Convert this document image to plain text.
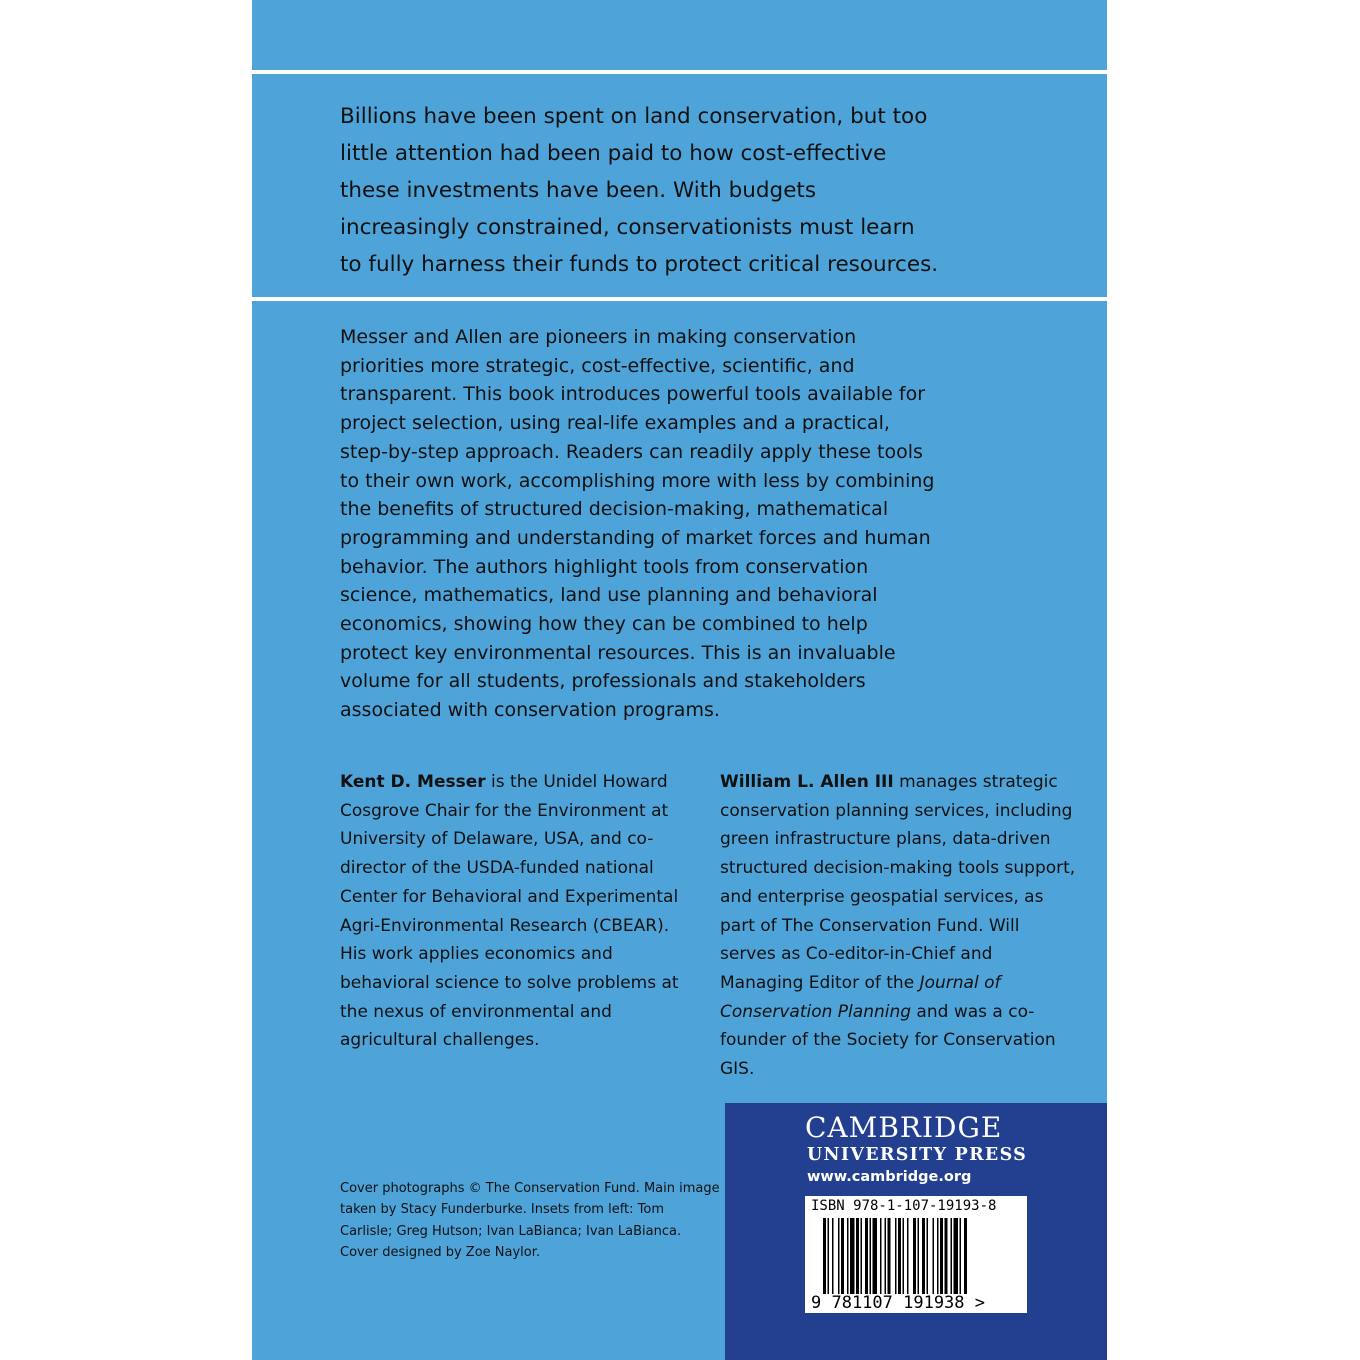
Billions have been spent on land conservation, but too little attention had been paid to how cost-effective these investments have been. With budgets increasingly constrained, conservationists must learn to fully harness their funds to protect critical resources.
Messer and Allen are pioneers in making conservation priorities more strategic, cost-effective, scientific, and transparent. This book introduces powerful tools available for project selection, using real-life examples and a practical, step-by-step approach. Readers can readily apply these tools to their own work, accomplishing more with less by combining the benefits of structured decision-making, mathematical programming and understanding of market forces and human behavior. The authors highlight tools from conservation science, mathematics, land use planning and behavioral economics, showing how they can be combined to help protect key environmental resources. This is an invaluable volume for all students, professionals and stakeholders associated with conservation programs.
Kent D. Messer is the Unidel Howard Cosgrove Chair for the Environment at University of Delaware, USA, and co-director of the USDA-funded national Center for Behavioral and Experimental Agri-Environmental Research (CBEAR). His work applies economics and behavioral science to solve problems at the nexus of environmental and agricultural challenges.
William L. Allen III manages strategic conservation planning services, including green infrastructure plans, data-driven structured decision-making tools support, and enterprise geospatial services, as part of The Conservation Fund. Will serves as Co-editor-in-Chief and Managing Editor of the Journal of Conservation Planning and was a co-founder of the Society for Conservation GIS.
Cover photographs © The Conservation Fund. Main image taken by Stacy Funderburke. Insets from left: Tom Carlisle; Greg Hutson; Ivan LaBianca; Ivan LaBianca. Cover designed by Zoe Naylor.
CAMBRIDGE
UNIVERSITY PRESS
www.cambridge.org
ISBN 978-1-107-19193-8
9 781107 191938 >
